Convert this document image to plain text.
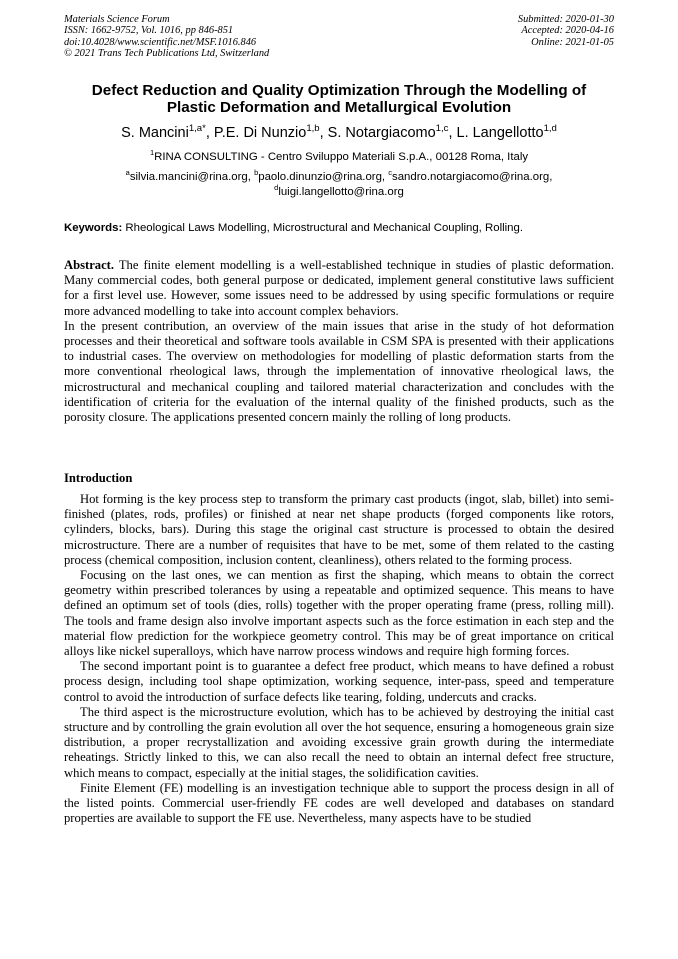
Materials Science Forum
ISSN: 1662-9752, Vol. 1016, pp 846-851
doi:10.4028/www.scientific.net/MSF.1016.846
© 2021 Trans Tech Publications Ltd, Switzerland
Submitted: 2020-01-30
Accepted: 2020-04-16
Online: 2021-01-05
Defect Reduction and Quality Optimization Through the Modelling of
Plastic Deformation and Metallurgical Evolution
S. Mancini$^{1,a*}$, P.E. Di Nunzio$^{1,b}$, S. Notargiacomo$^{1,c}$, L. Langellotto$^{1,d}$
$^1$RINA CONSULTING - Centro Sviluppo Materiali S.p.A., 00128 Roma, Italy
$^a$silvia.mancini@rina.org, $^b$paolo.dinunzio@rina.org, $^c$sandro.notargiacomo@rina.org,
$^d$luigi.langellotto@rina.org
Keywords: Rheological Laws Modelling, Microstructural and Mechanical Coupling, Rolling.

Abstract. The finite element modelling is a well-established technique in studies of plastic deformation. Many commercial codes, both general purpose or dedicated, implement general constitutive laws sufficient for a first level use. However, some issues need to be addressed by using specific formulations or require more advanced modelling to take into account complex behaviors.

In the present contribution, an overview of the main issues that arise in the study of hot deformation processes and their theoretical and software tools available in CSM SPA is presented with their applications to industrial cases. The overview on methodologies for modelling of plastic deformation starts from the more conventional rheological laws, through the implementation of innovative rheological laws, the microstructural and mechanical coupling and tailored material characterization and concludes with the identification of criteria for the evaluation of the internal quality of the finished products, such as the porosity closure. The applications presented concern mainly the rolling of long products.

Introduction

Hot forming is the key process step to transform the primary cast products (ingot, slab, billet) into semi-finished (plates, rods, profiles) or finished at near net shape products (forged components like rotors, cylinders, blocks, bars). During this stage the original cast structure is processed to obtain the desired microstructure. There are a number of requisites that have to be met, some of them related to the casting process (chemical composition, inclusion content, cleanliness), others related to the forming process.

Focusing on the last ones, we can mention as first the shaping, which means to obtain the correct geometry within prescribed tolerances by using a repeatable and optimized sequence. This means to have defined an optimum set of tools (dies, rolls) together with the proper operating frame (press, rolling mill). The tools and frame design also involve important aspects such as the force estimation in each step and the material flow prediction for the workpiece geometry control. This may be of great importance on critical alloys like nickel superalloys, which have narrow process windows and require high forming forces.

The second important point is to guarantee a defect free product, which means to have defined a robust process design, including tool shape optimization, working sequence, inter-pass, speed and temperature control to avoid the introduction of surface defects like tearing, folding, undercuts and cracks.

The third aspect is the microstructure evolution, which has to be achieved by destroying the initial cast structure and by controlling the grain evolution all over the hot sequence, ensuring a homogeneous grain size distribution, a proper recrystallization and avoiding excessive grain growth during the intermediate reheatings. Strictly linked to this, we can also recall the need to obtain an internal defect free structure, which means to compact, especially at the initial stages, the solidification cavities.

Finite Element (FE) modelling is an investigation technique able to support the process design in all of the listed points. Commercial user-friendly FE codes are well developed and databases on standard properties are available to support the FE use. Nevertheless, many aspects have to be studied
